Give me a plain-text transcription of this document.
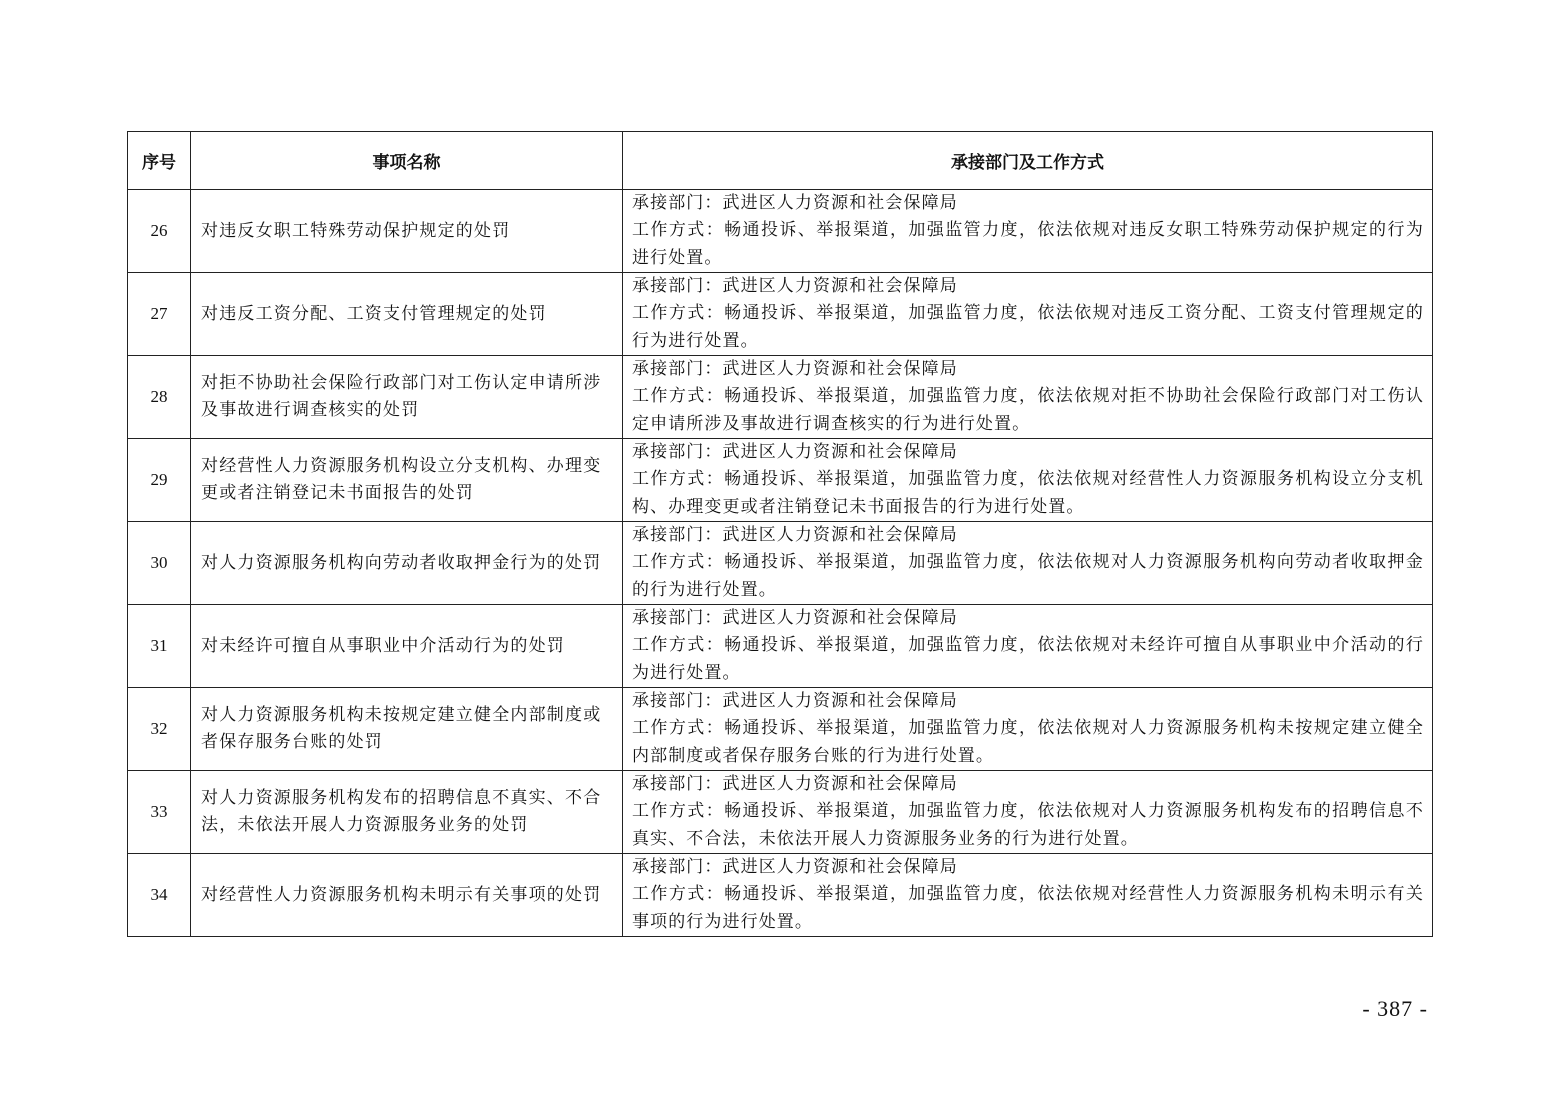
序号	事项名称	承接部门及工作方式
26	对违反女职工特殊劳动保护规定的处罚	承接部门：武进区人力资源和社会保障局
工作方式：畅通投诉、举报渠道，加强监管力度，依法依规对违反女职工特殊劳动保护规定的行为进行处置。

27	对违反工资分配、工资支付管理规定的处罚	承接部门：武进区人力资源和社会保障局
工作方式：畅通投诉、举报渠道，加强监管力度，依法依规对违反工资分配、工资支付管理规定的行为进行处置。

28	对拒不协助社会保险行政部门对工伤认定申请所涉及事故进行调查核实的处罚	承接部门：武进区人力资源和社会保障局
工作方式：畅通投诉、举报渠道，加强监管力度，依法依规对拒不协助社会保险行政部门对工伤认定申请所涉及事故进行调查核实的行为进行处置。

29	对经营性人力资源服务机构设立分支机构、办理变更或者注销登记未书面报告的处罚	承接部门：武进区人力资源和社会保障局
工作方式：畅通投诉、举报渠道，加强监管力度，依法依规对经营性人力资源服务机构设立分支机构、办理变更或者注销登记未书面报告的行为进行处置。

30	对人力资源服务机构向劳动者收取押金行为的处罚	承接部门：武进区人力资源和社会保障局
工作方式：畅通投诉、举报渠道，加强监管力度，依法依规对人力资源服务机构向劳动者收取押金的行为进行处置。

31	对未经许可擅自从事职业中介活动行为的处罚	承接部门：武进区人力资源和社会保障局
工作方式：畅通投诉、举报渠道，加强监管力度，依法依规对未经许可擅自从事职业中介活动的行为进行处置。

32	对人力资源服务机构未按规定建立健全内部制度或者保存服务台账的处罚	承接部门：武进区人力资源和社会保障局
工作方式：畅通投诉、举报渠道，加强监管力度，依法依规对人力资源服务机构未按规定建立健全内部制度或者保存服务台账的行为进行处置。

33	对人力资源服务机构发布的招聘信息不真实、不合法，未依法开展人力资源服务业务的处罚	承接部门：武进区人力资源和社会保障局
工作方式：畅通投诉、举报渠道，加强监管力度，依法依规对人力资源服务机构发布的招聘信息不真实、不合法，未依法开展人力资源服务业务的行为进行处置。

34	对经营性人力资源服务机构未明示有关事项的处罚	承接部门：武进区人力资源和社会保障局
工作方式：畅通投诉、举报渠道，加强监管力度，依法依规对经营性人力资源服务机构未明示有关事项的行为进行处置。
- 387 -
